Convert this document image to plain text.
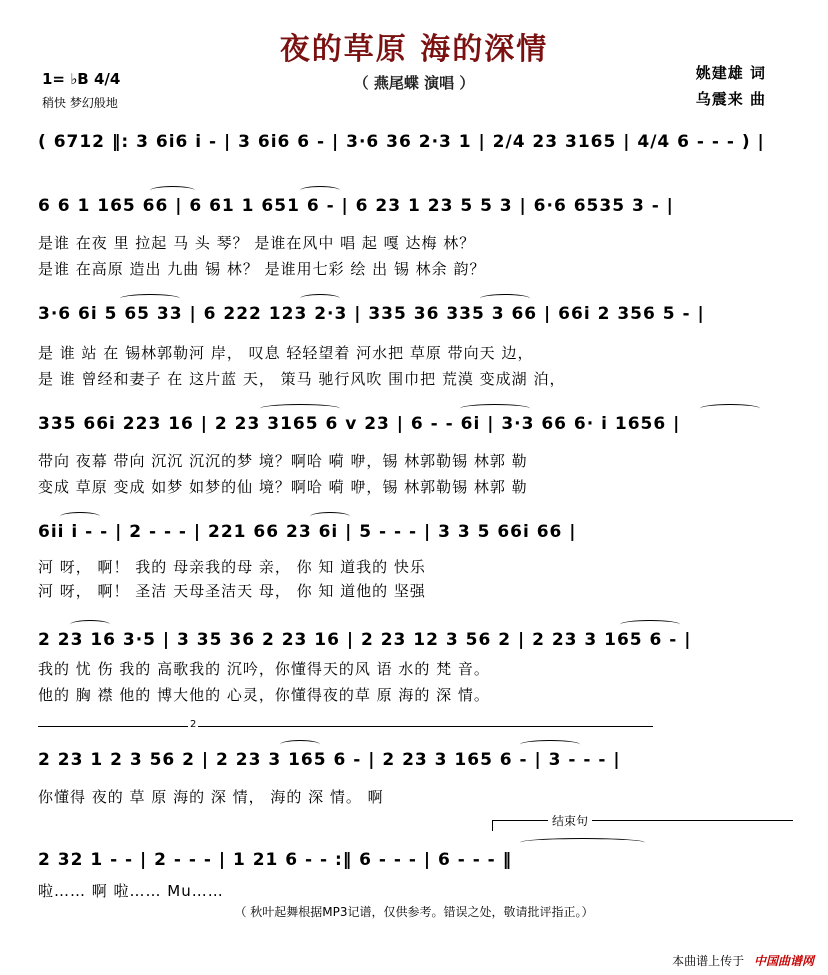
夜的草原 海的深情
（ 燕尾蝶 演唱 ）
1= ♭B 4/4
稍快 梦幻般地
姚建雄 词
乌震来 曲
( 6712 ‖: 3 6i6 i - | 3 6i6 6 - | 3·6 36 2·3 1 | 2/4 23 3165 | 4/4 6 - - - ) |
6 6 1 165 66 | 6 61 1 651 6 - | 6 23 1 23 5 5 3 | 6·6 6535 3 - |
是谁 在夜 里 拉起 马 头 琴？ 是谁在风中 唱 起 嘎 达梅 林？
是谁 在高原 造出 九曲 锡 林？ 是谁用七彩 绘 出 锡 林余 韵？
3·6 6i 5 65 33 | 6 222 123 2·3 | 335 36 335 3 66 | 66i 2 356 5 - |
是 谁 站 在 锡林郭勒河 岸， 叹息 轻轻望着 河水把 草原 带向天 边，
是 谁 曾经和妻子 在 这片蓝 天， 策马 驰行风吹 围巾把 荒漠 变成湖 泊，
335 66i 223 16 | 2 23 3165 6 v 23 | 6 - - 6i | 3·3 66 6· i 1656 |
带向 夜幕 带向 沉沉 沉沉的梦 境？啊哈 嗬 咿，锡 林郭勒锡 林郭 勒
变成 草原 变成 如梦 如梦的仙 境？啊哈 嗬 咿，锡 林郭勒锡 林郭 勒
6ii i - - | 2 - - - | 221 66 23 6i | 5 - - - | 3 3 5 66i 66 |
河 呀， 啊！ 我的 母亲我的母 亲， 你 知 道我的 快乐
河 呀， 啊！ 圣洁 天母圣洁天 母， 你 知 道他的 坚强
2 23 16 3·5 | 3 35 36 2 23 16 | 2 23 12 3 56 2 | 2 23 3 165 6 - |
我的 忧 伤 我的 高歌我的 沉吟，你懂得天的风 语 水的 梵 音。
他的 胸 襟 他的 博大他的 心灵，你懂得夜的草 原 海的 深 情。
2
2 23 1 2 3 56 2 | 2 23 3 165 6 - | 2 23 3 165 6 - | 3 - - - |
你懂得 夜的 草 原 海的 深 情， 海的 深 情。 啊
结束句
2 32 1 - - | 2 - - - | 1 21 6 - - :‖ 6 - - - | 6 - - - ‖
啦…… 啊 啦…… Mu……
（ 秋叶起舞根据MP3记谱，仅供参考。错误之处，敬请批评指正。）
本曲谱上传于 中国曲谱网
